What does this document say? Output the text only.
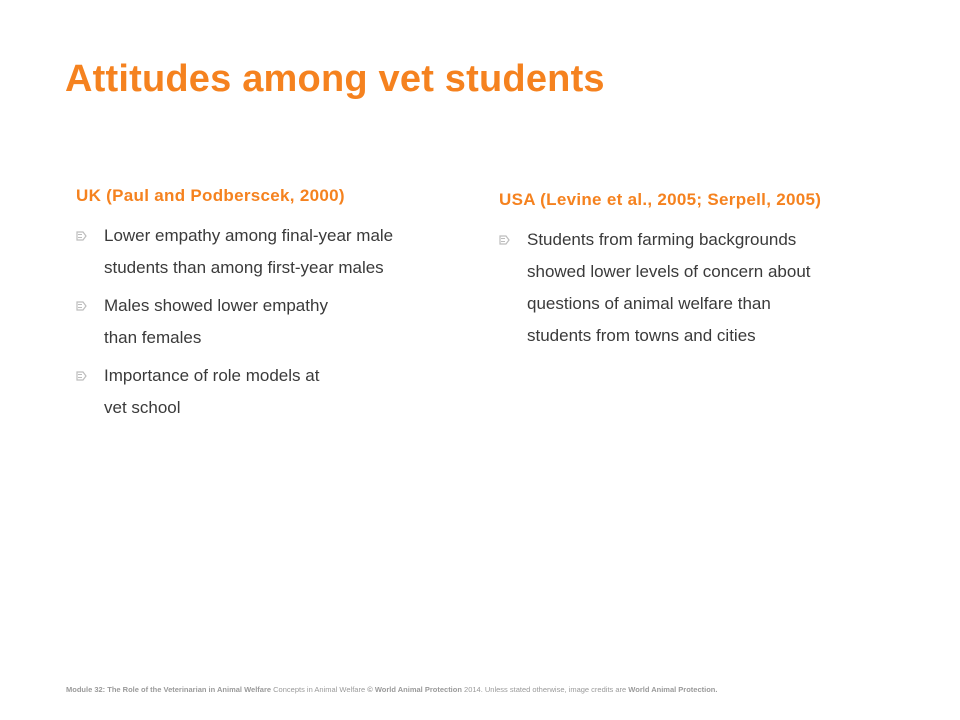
Attitudes among vet students
UK (Paul and Podberscek, 2000)
Lower empathy among final-year male
students than among first-year males
Males showed lower empathy
than females
Importance of role models at
vet school
USA (Levine et al., 2005; Serpell, 2005)
Students from farming backgrounds
showed lower levels of concern about
questions of animal welfare than
students from towns and cities
Module 32: The Role of the Veterinarian in Animal Welfare Concepts in Animal Welfare © World Animal Protection 2014. Unless stated otherwise, image credits are World Animal Protection.
